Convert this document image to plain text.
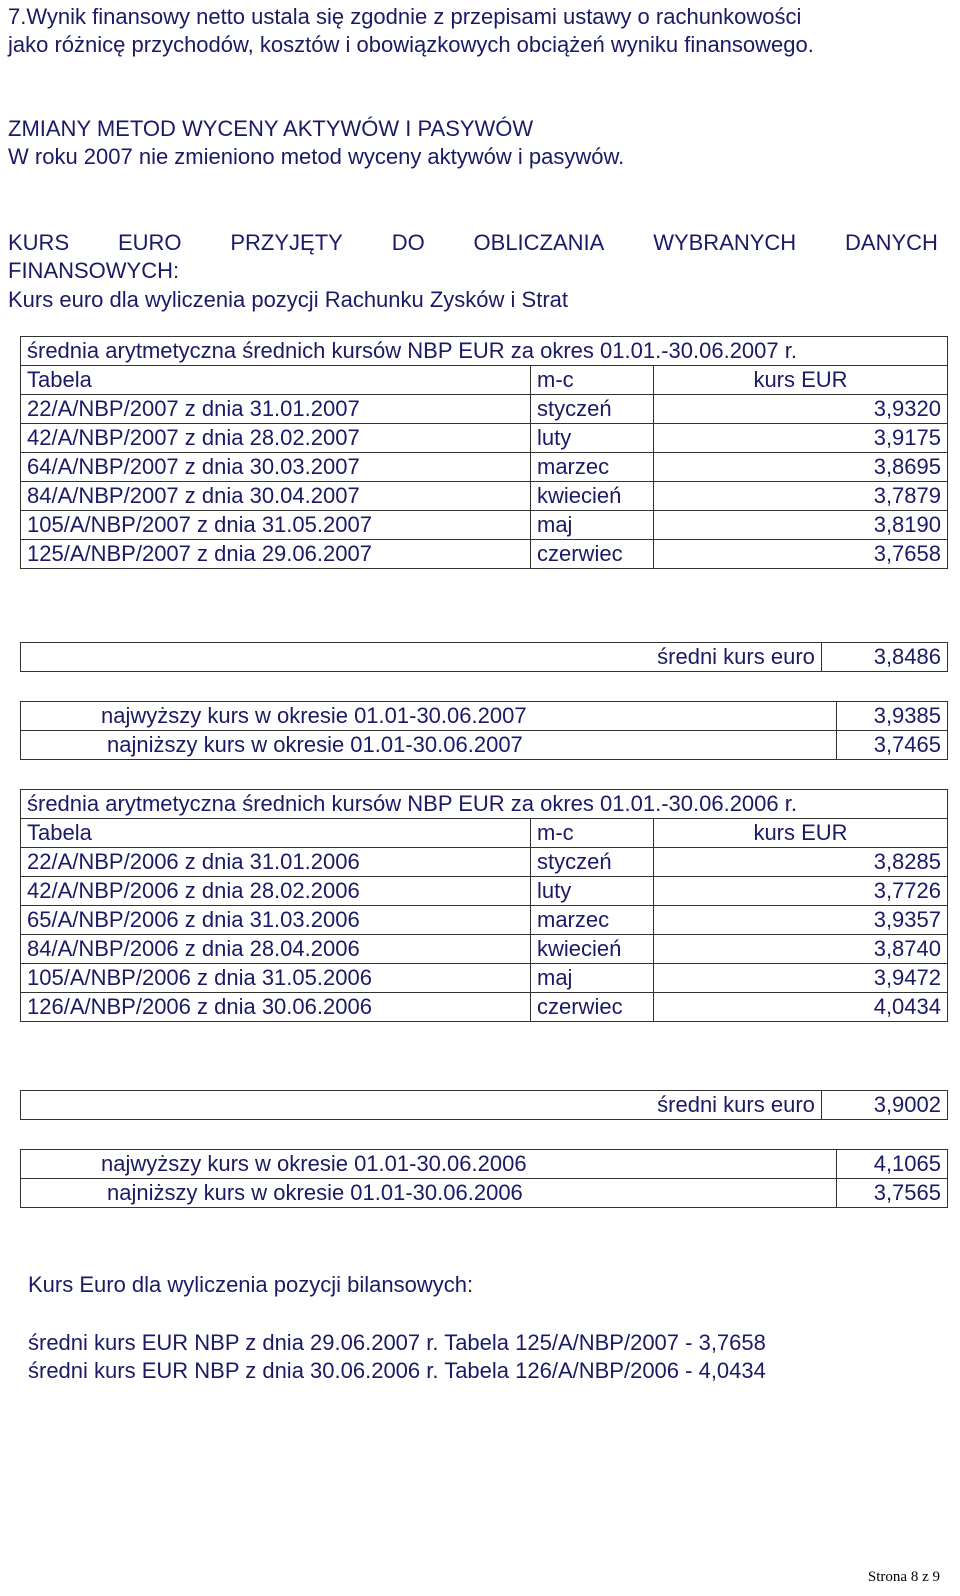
7.Wynik finansowy netto ustala się zgodnie z przepisami ustawy o rachunkowości
jako różnicę przychodów, kosztów i obowiązkowych obciążeń wyniku finansowego.
ZMIANY METOD WYCENY AKTYWÓW I PASYWÓW
W roku 2007 nie zmieniono metod wyceny aktywów i pasywów.
KURS EURO PRZYJĘTY DO OBLICZANIA WYBRANYCH DANYCH
FINANSOWYCH:
Kurs euro dla wyliczenia pozycji Rachunku Zysków i Strat
średnia arytmetyczna średnich kursów NBP EUR za okres 01.01.-30.06.2007 r.		
Tabela	m-c	kurs EUR
22/A/NBP/2007 z dnia 31.01.2007	styczeń	3,9320
42/A/NBP/2007 z dnia 28.02.2007	luty	3,9175
64/A/NBP/2007 z dnia 30.03.2007	marzec	3,8695
84/A/NBP/2007 z dnia 30.04.2007	kwiecień	3,7879
105/A/NBP/2007 z dnia 31.05.2007	maj	3,8190
125/A/NBP/2007 z dnia 29.06.2007	czerwiec	3,7658
średni kurs euro	3,8486
najwyższy kurs w okresie 01.01-30.06.2007	3,9385
najniższy kurs w okresie 01.01-30.06.2007	3,7465
średnia arytmetyczna średnich kursów NBP EUR za okres 01.01.-30.06.2006 r.		
Tabela	m-c	kurs EUR
22/A/NBP/2006 z dnia 31.01.2006	styczeń	3,8285
42/A/NBP/2006 z dnia 28.02.2006	luty	3,7726
65/A/NBP/2006 z dnia 31.03.2006	marzec	3,9357
84/A/NBP/2006 z dnia 28.04.2006	kwiecień	3,8740
105/A/NBP/2006 z dnia 31.05.2006	maj	3,9472
126/A/NBP/2006 z dnia 30.06.2006	czerwiec	4,0434
średni kurs euro	3,9002
najwyższy kurs w okresie 01.01-30.06.2006	4,1065
najniższy kurs w okresie 01.01-30.06.2006	3,7565
Kurs Euro dla wyliczenia pozycji bilansowych:
średni kurs EUR NBP z dnia 29.06.2007 r. Tabela 125/A/NBP/2007 - 3,7658
średni kurs EUR NBP z dnia 30.06.2006 r. Tabela 126/A/NBP/2006 - 4,0434
Strona 8 z 9
